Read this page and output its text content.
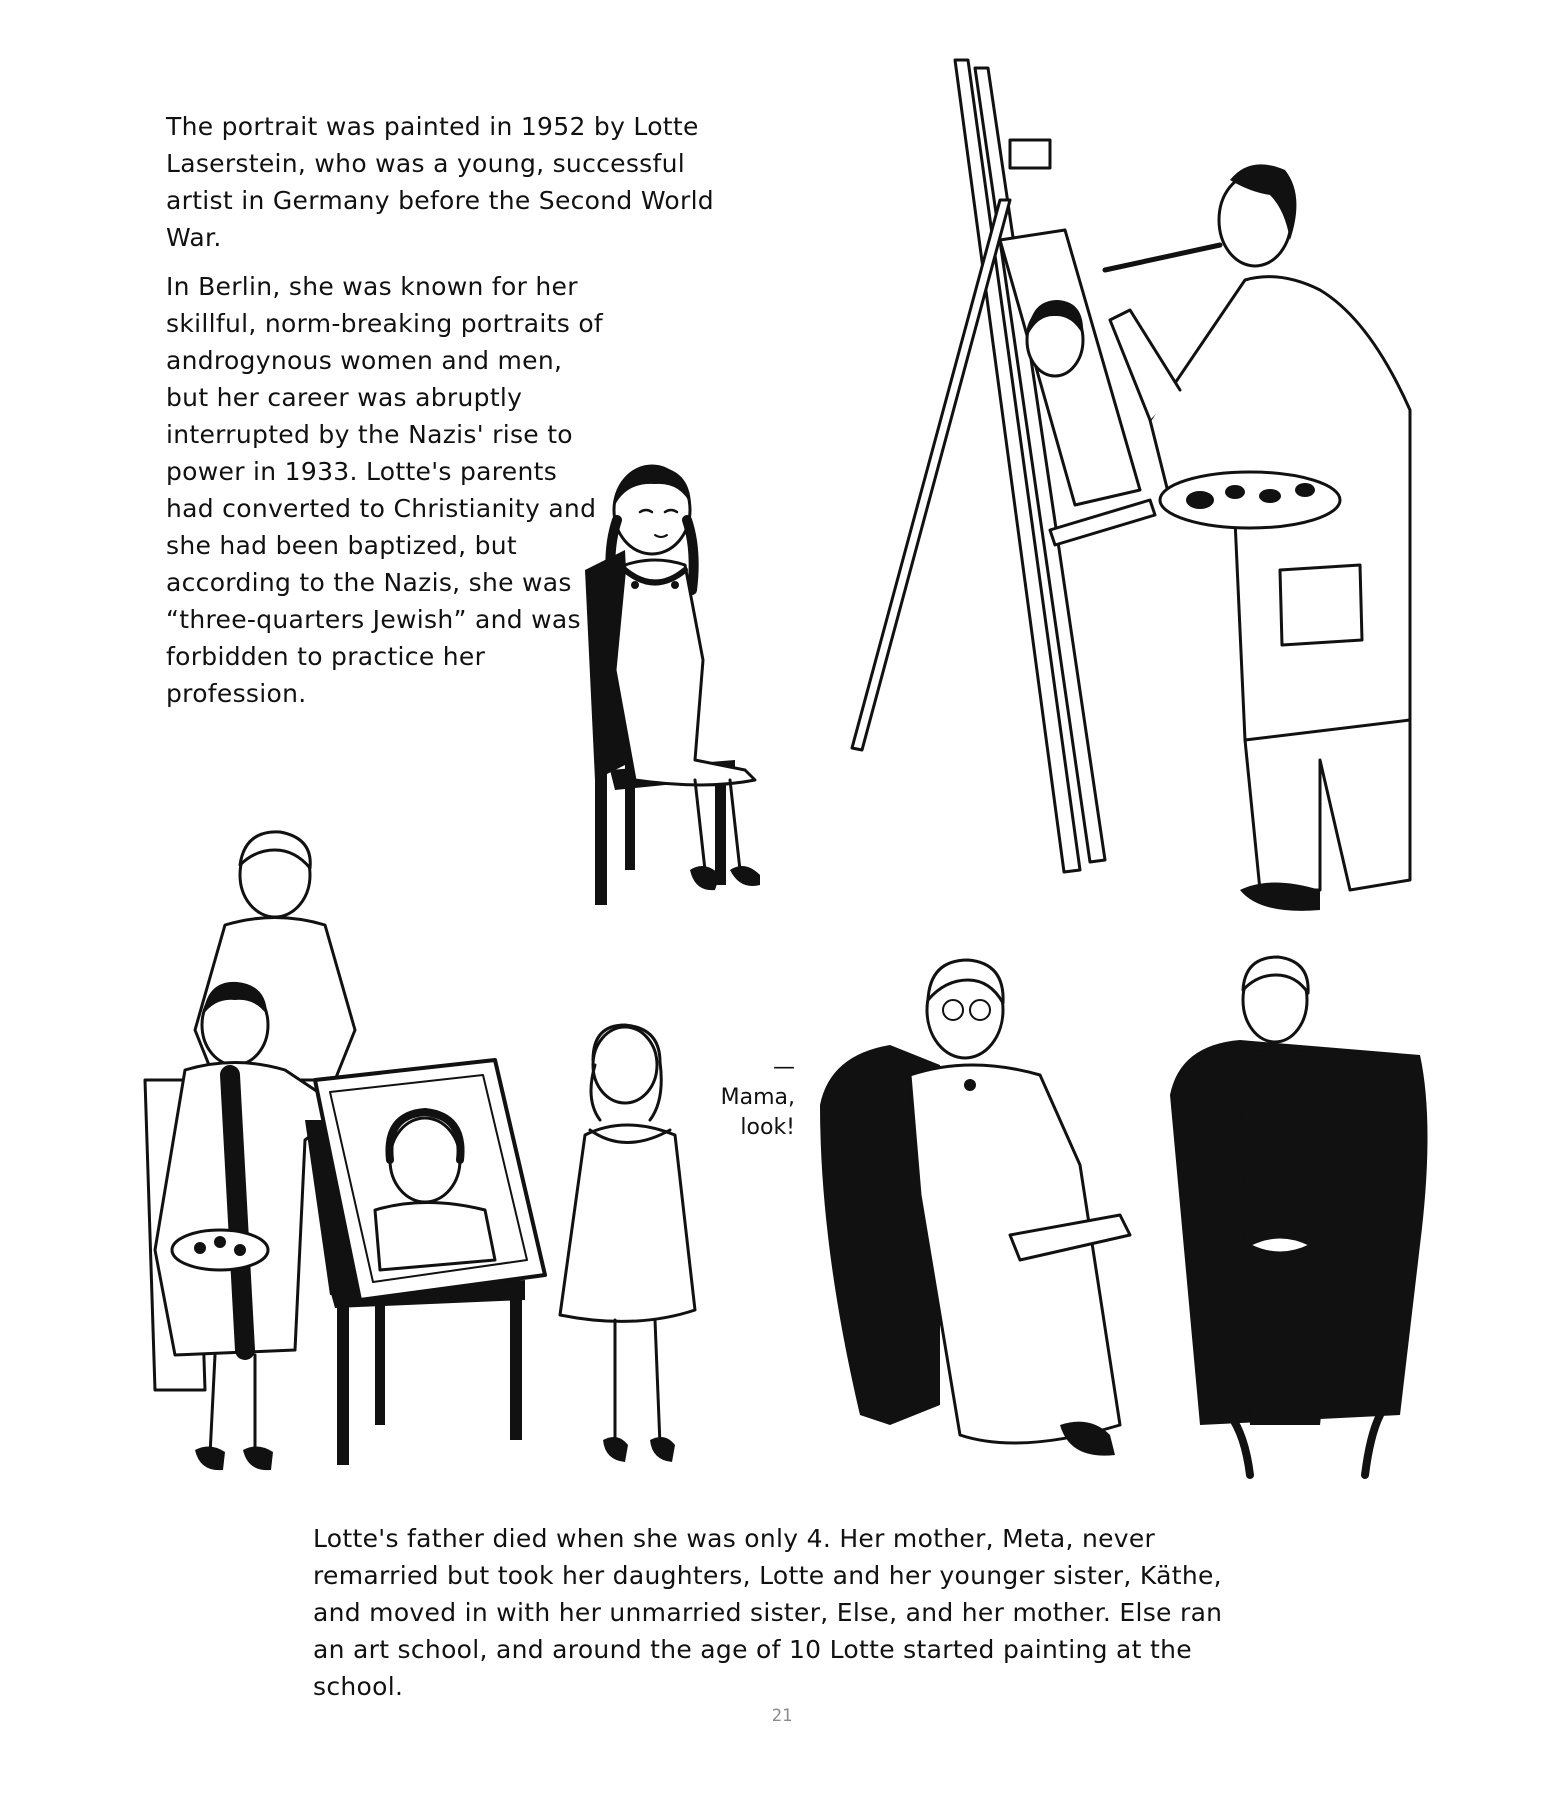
The portrait was painted in 1952 by Lotte Laserstein, who was a young, successful artist in Germany before the Second World War.

In Berlin, she was known for her skillful, norm-breaking portraits of androgynous women and men, but her career was abruptly interrupted by the Nazis' rise to power in 1933. Lotte's parents had converted to Christianity and she had been baptized, but according to the Nazis, she was “three-quarters Jewish” and was forbidden to practice her profession.

—Mama, look!

Lotte's father died when she was only 4. Her mother, Meta, never remarried but took her daughters, Lotte and her younger sister, Käthe, and moved in with her unmarried sister, Else, and her mother. Else ran an art school, and around the age of 10 Lotte started painting at the school.

21
